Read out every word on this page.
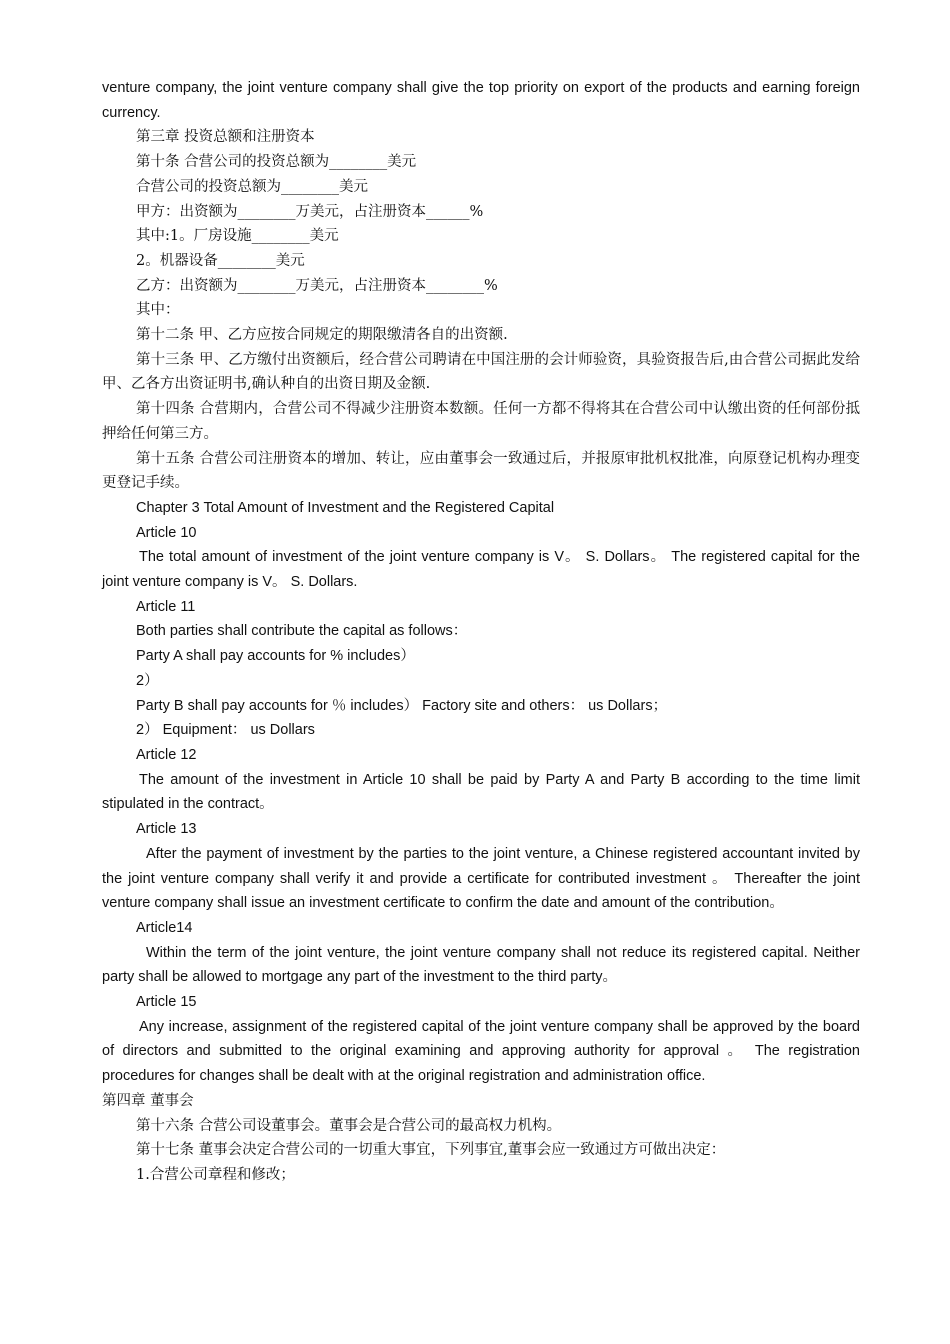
venture company, the joint venture company shall give the top priority on export of the products and earning foreign currency.

第三章 投资总额和注册资本

第十条 合营公司的投资总额为________美元

合营公司的投资总额为________美元

甲方：出资额为________万美元，占注册资本______%

其中:1。厂房设施________美元

2。机器设备________美元

乙方：出资额为________万美元，占注册资本________%

其中：

第十二条 甲、乙方应按合同规定的期限缴清各自的出资额.

第十三条 甲、乙方缴付出资额后，经合营公司聘请在中国注册的会计师验资，具验资报告后,由合营公司据此发给甲、乙各方出资证明书,确认种自的出资日期及金额.

第十四条 合营期内，合营公司不得减少注册资本数额。任何一方都不得将其在合营公司中认缴出资的任何部份抵押给任何第三方。

第十五条 合营公司注册资本的增加、转让，应由董事会一致通过后，并报原审批机权批准，向原登记机构办理变更登记手续。

Chapter 3 Total Amount of Investment and the Registered Capital

Article 10

The total amount of investment of the joint venture company is V。 S. Dollars。 The registered capital for the joint venture company is V。 S. Dollars.

Article 11

Both parties shall contribute the capital as follows：

Party A shall pay accounts for % includes）

2）

Party B shall pay accounts for ％ includes） Factory site and others： us Dollars；

2） Equipment： us Dollars

Article 12

The amount of the investment in Article 10 shall be paid by Party A and Party B according to the time limit stipulated in the contract。

Article 13

After the payment of investment by the parties to the joint venture, a Chinese registered accountant invited by the joint venture company shall verify it and provide a certificate for contributed investment 。 Thereafter the joint venture company shall issue an investment certificate to confirm the date and amount of the contribution。

Article14

Within the term of the joint venture, the joint venture company shall not reduce its registered capital. Neither party shall be allowed to mortgage any part of the investment to the third party。

Article 15

Any increase, assignment of the registered capital of the joint venture company shall be approved by the board of directors and submitted to the original examining and approving authority for approval 。 The registration procedures for changes shall be dealt with at the original registration and administration office.

第四章 董事会

第十六条 合营公司设董事会。董事会是合营公司的最高权力机构。

第十七条 董事会决定合营公司的一切重大事宜，下列事宜,董事会应一致通过方可做出决定：

1.合营公司章程和修改；
